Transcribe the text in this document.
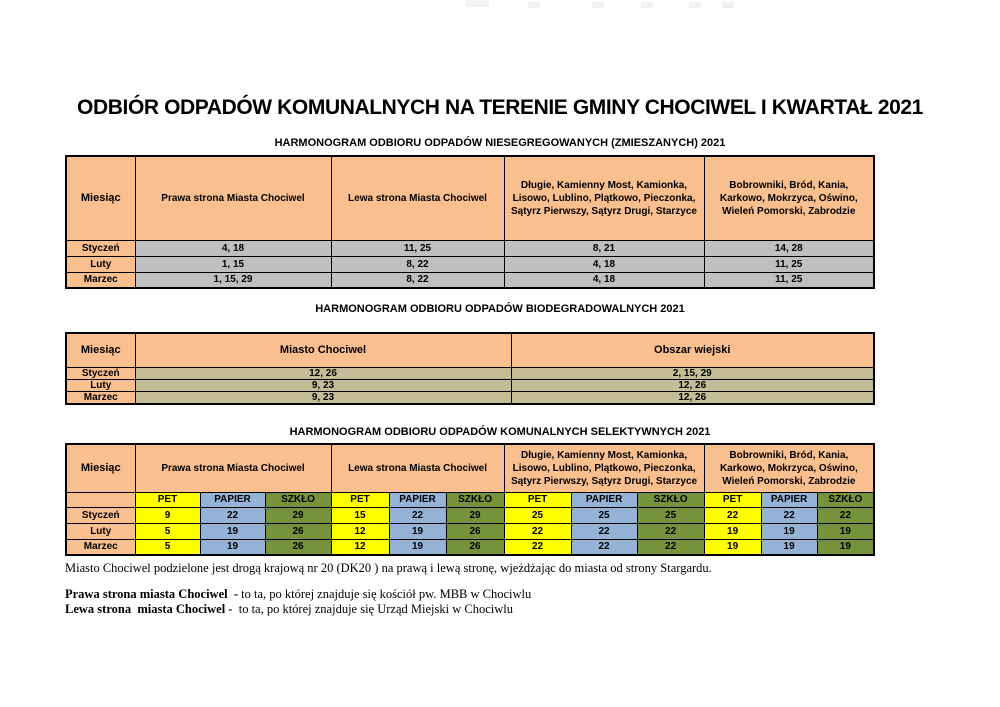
ODBIÓR ODPADÓW KOMUNALNYCH NA TERENIE GMINY CHOCIWEL I KWARTAŁ 2021
HARMONOGRAM ODBIORU ODPADÓW NIESEGREGOWANYCH (ZMIESZANYCH) 2021
Miesiąc	Prawa strona Miasta Chociwel	Lewa strona Miasta Chociwel	Długie, Kamienny Most, Kamionka, Lisowo, Lublino, Plątkowo, Pieczonka, Sątyrz Pierwszy, Sątyrz Drugi, Starzyce	Bobrowniki, Bród, Kania, Karkowo, Mokrzyca, Oświno, Wieleń Pomorski, Zabrodzie
Styczeń	4, 18	11, 25	8, 21	14, 28
Luty	1, 15	8, 22	4, 18	11, 25
Marzec	1, 15, 29	8, 22	4, 18	11, 25
HARMONOGRAM ODBIORU ODPADÓW BIODEGRADOWALNYCH 2021
Miesiąc	Miasto Chociwel	Obszar wiejski
Styczeń	12, 26	2, 15, 29
Luty	9, 23	12, 26
Marzec	9, 23	12, 26
HARMONOGRAM ODBIORU ODPADÓW KOMUNALNYCH SELEKTYWNYCH 2021
Miesiąc	Prawa strona Miasta Chociwel			Lewa strona Miasta Chociwel			Długie, Kamienny Most, Kamionka, Lisowo, Lublino, Plątkowo, Pieczonka, Sątyrz Pierwszy, Sątyrz Drugi, Starzyce			Bobrowniki, Bród, Kania, Karkowo, Mokrzyca, Oświno, Wieleń Pomorski, Zabrodzie		
	PET	PAPIER	SZKŁO	PET	PAPIER	SZKŁO	PET	PAPIER	SZKŁO	PET	PAPIER	SZKŁO
Styczeń	9	22	29	15	22	29	25	25	25	22	22	22
Luty	5	19	26	12	19	26	22	22	22	19	19	19
Marzec	5	19	26	12	19	26	22	22	22	19	19	19

Miasto Chociwel podzielone jest drogą krajową nr 20 (DK20 ) na prawą i lewą stronę, wjeżdżając do miasta od strony Stargardu.

Prawa strona miasta Chociwel  - to ta, po której znajduje się kościół pw. MBB w Chociwlu

Lewa strona  miasta Chociwel -  to ta, po której znajduje się Urząd Miejski w Chociwlu
